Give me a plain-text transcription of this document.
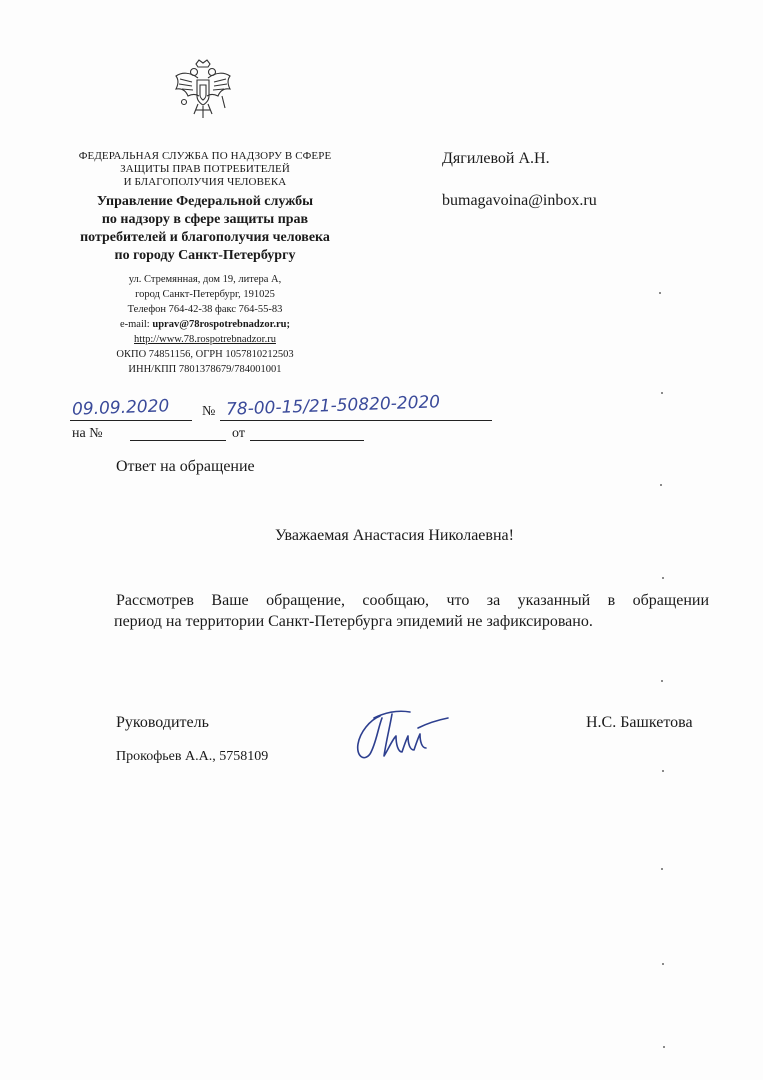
ФЕДЕРАЛЬНАЯ СЛУЖБА ПО НАДЗОРУ В СФЕРЕ
ЗАЩИТЫ ПРАВ ПОТРЕБИТЕЛЕЙ
И БЛАГОПОЛУЧИЯ ЧЕЛОВЕКА
Управление Федеральной службы
по надзору в сфере защиты прав
потребителей и благополучия человека
по городу Санкт-Петербургу
ул. Стремянная, дом 19, литера А,
город Санкт-Петербург, 191025
Телефон 764-42-38 факс 764-55-83
e-mail: uprav@78rospotrebnadzor.ru;
http://www.78.rospotrebnadzor.ru
ОКПО 74851156, ОГРН 1057810212503
ИНН/КПП 7801378679/784001001
Дягилевой А.Н.
bumagavoina@inbox.ru
09.09.2020 № 78-00-15/21-50820-2020
на №	от
Ответ на обращение
Уважаемая Анастасия Николаевна!
Рассмотрев Ваше обращение, сообщаю, что за указанный в обращении
период на территории Санкт-Петербурга эпидемий не зафиксировано.
Руководитель	Н.С. Башкетова
Прокофьев А.А., 5758109
